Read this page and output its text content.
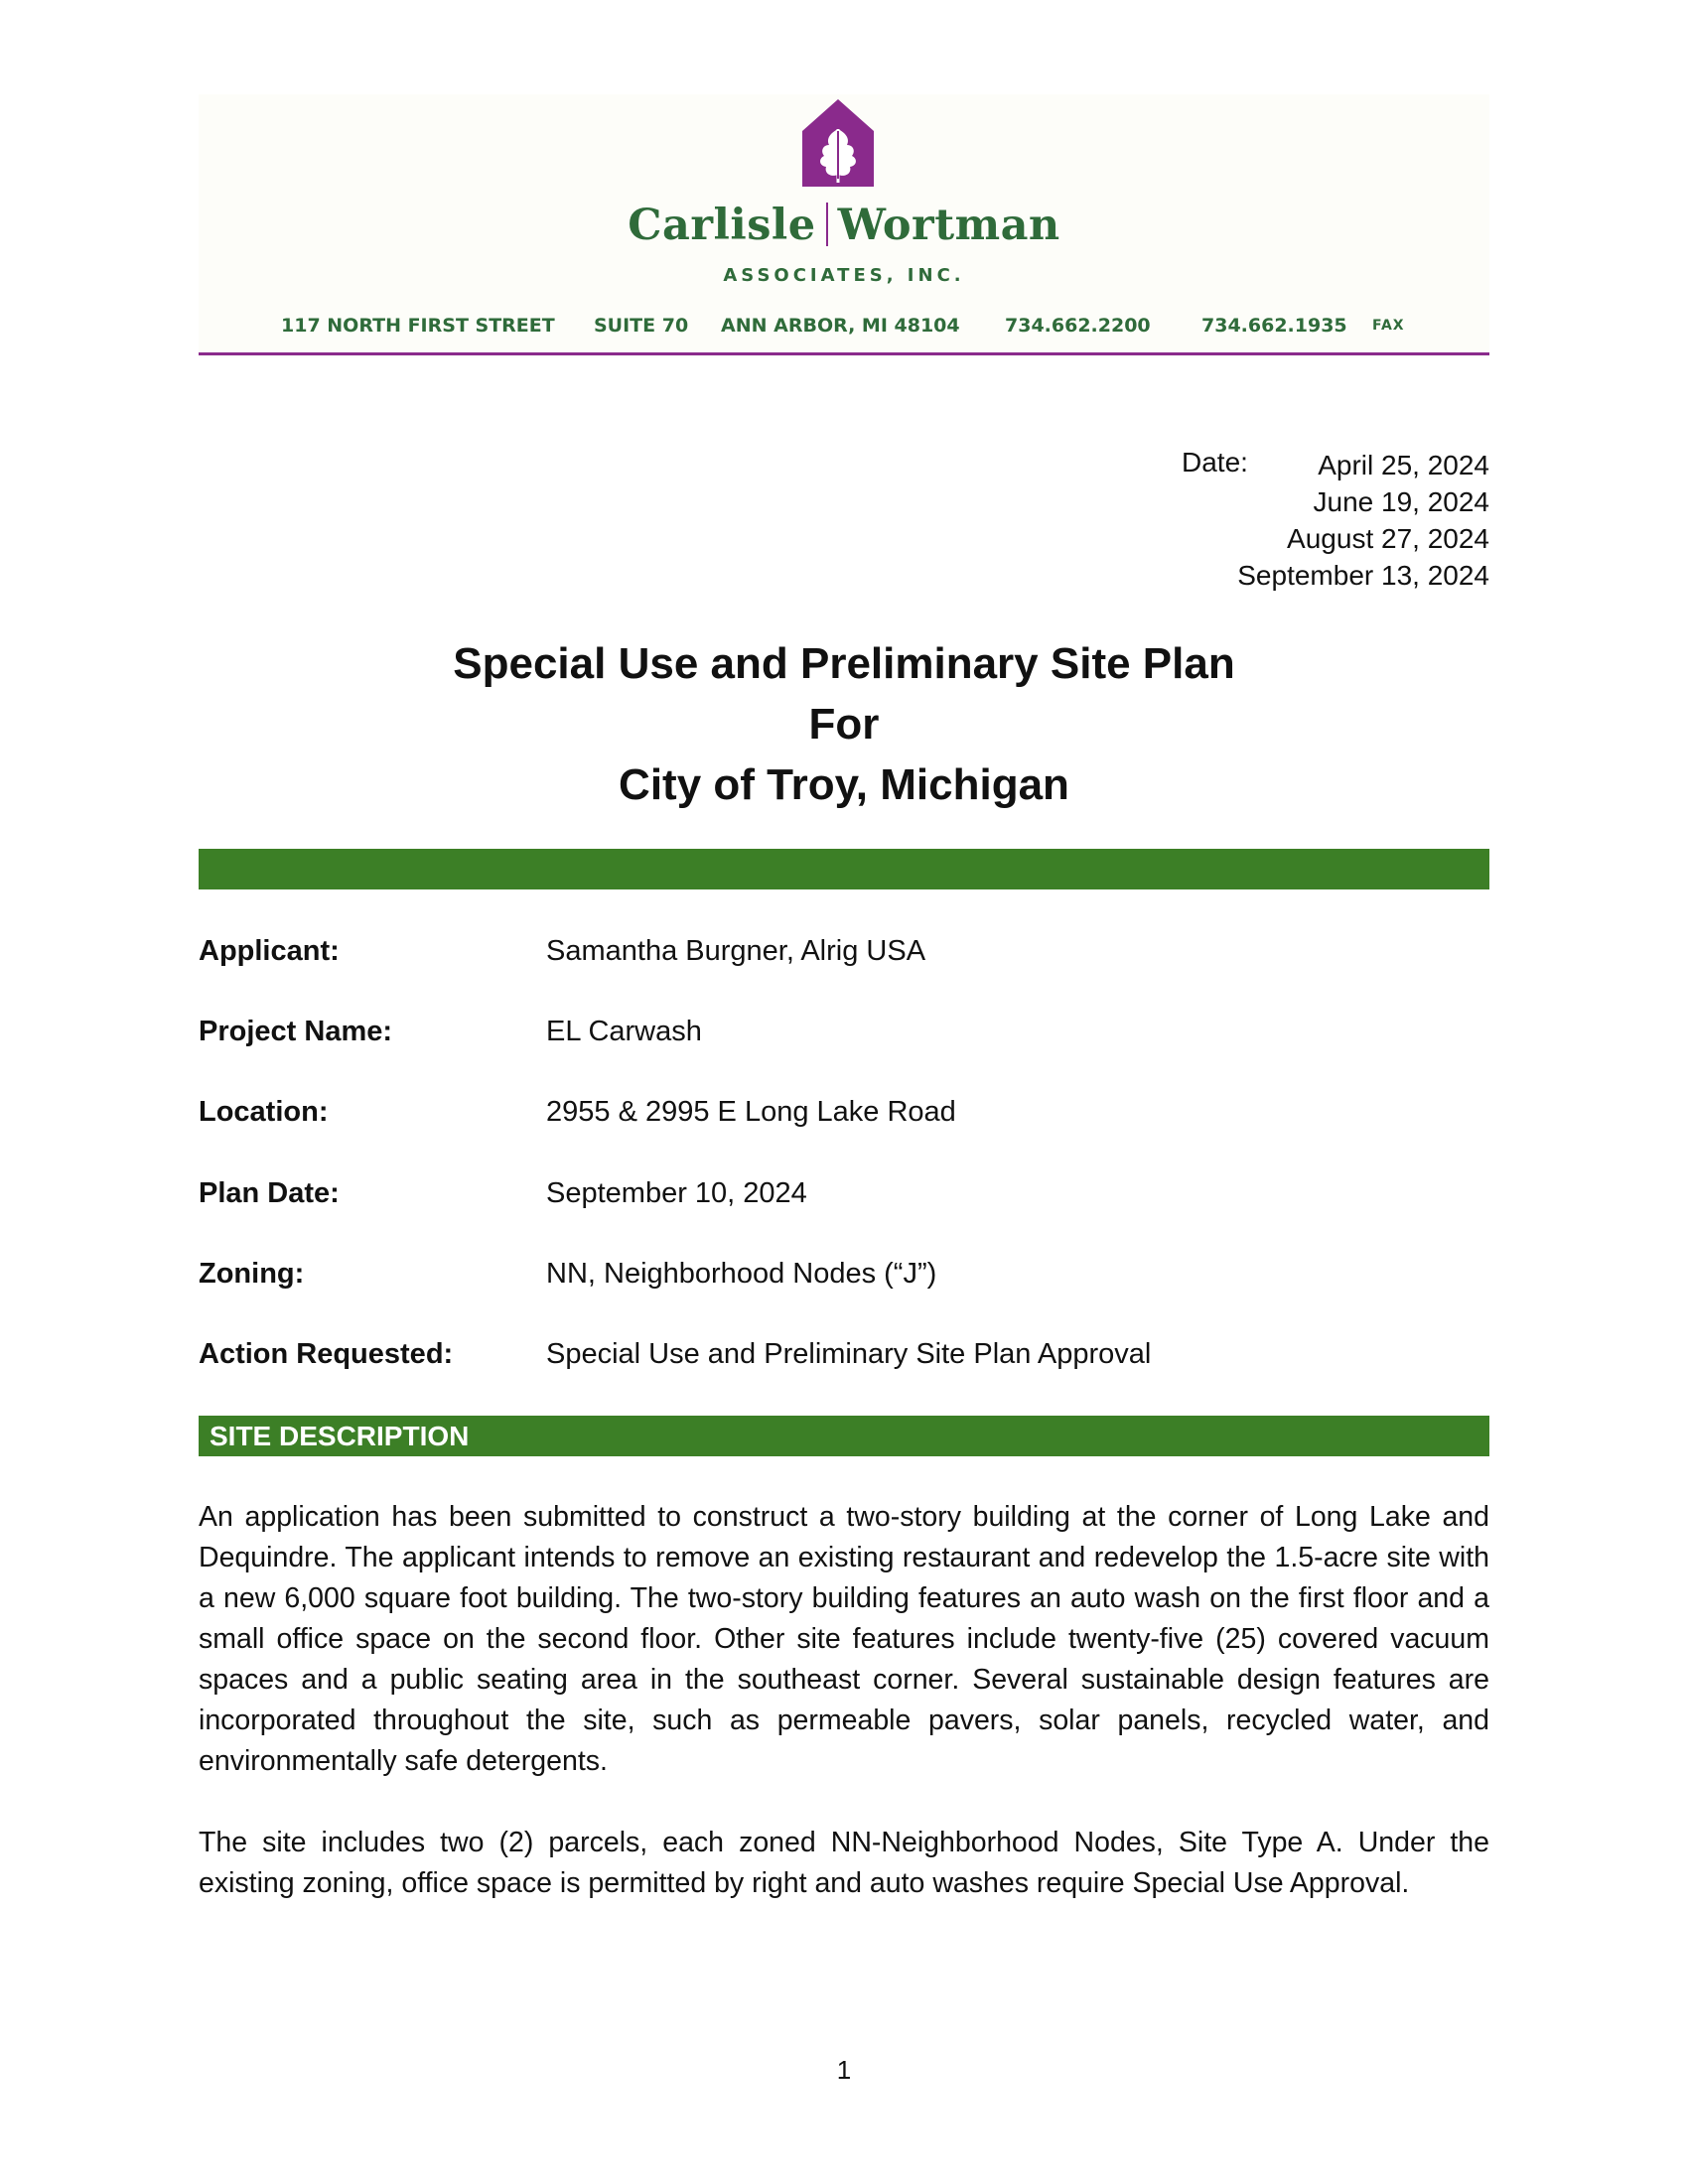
Carlisle Wortman
ASSOCIATES, INC.
117 NORTH FIRST STREET SUITE 70 ANN ARBOR, MI 48104 734.662.2200	734.662.1935 FAX
Date:	April 25, 2024
June 19, 2024
August 27, 2024
September 13, 2024
Special Use and Preliminary Site Plan
For
City of Troy, Michigan
Applicant:	Samantha Burgner, Alrig USA
Project Name:	EL Carwash
Location:	2955 & 2995 E Long Lake Road
Plan Date:	September 10, 2024
Zoning:	NN, Neighborhood Nodes (“J”)
Action Requested:	Special Use and Preliminary Site Plan Approval
SITE DESCRIPTION
An application has been submitted to construct a two-story building at the corner of Long Lake and Dequindre. The applicant intends to remove an existing restaurant and redevelop the 1.5-acre site with a new 6,000 square foot building. The two-story building features an auto wash on the first floor and a small office space on the second floor. Other site features include twenty-five (25) covered vacuum spaces and a public seating area in the southeast corner. Several sustainable design features are incorporated throughout the site, such as permeable pavers, solar panels, recycled water, and environmentally safe detergents.
The site includes two (2) parcels, each zoned NN-Neighborhood Nodes, Site Type A. Under the existing zoning, office space is permitted by right and auto washes require Special Use Approval.
1
